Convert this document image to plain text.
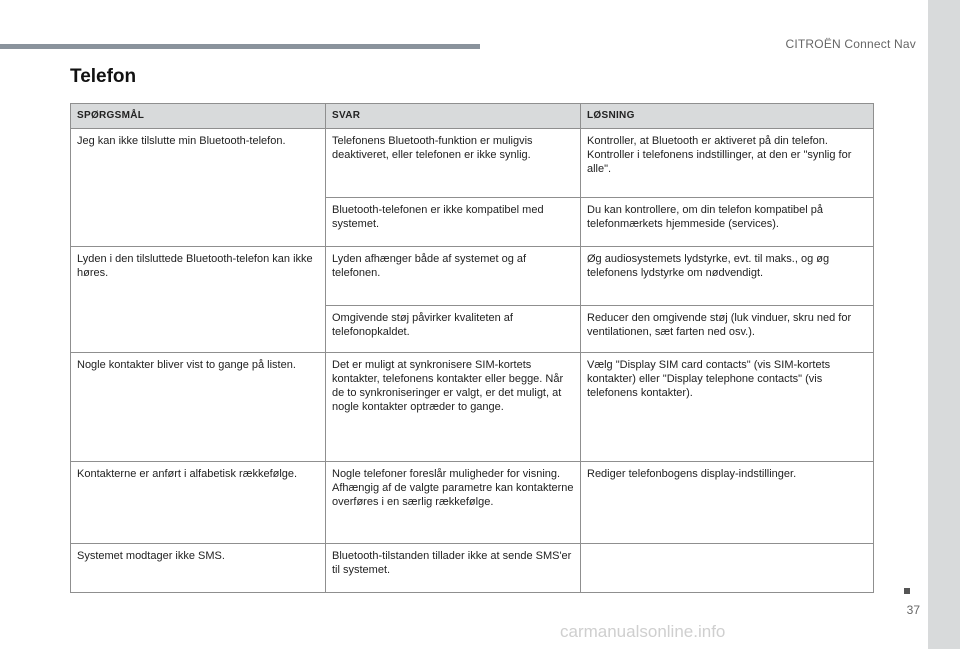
CITROËN Connect Nav
Telefon
SPØRGSMÅL	SVAR	LØSNING
Jeg kan ikke tilslutte min Bluetooth-telefon.	Telefonens Bluetooth-funktion er muligvis deaktiveret, eller telefonen er ikke synlig.	Kontroller, at Bluetooth er aktiveret på din telefon.
Kontroller i telefonens indstillinger, at den er "synlig for alle".
	Bluetooth-telefonen er ikke kompatibel med systemet.	Du kan kontrollere, om din telefon kompatibel på telefonmærkets hjemmeside (services).
Lyden i den tilsluttede Bluetooth-telefon kan ikke høres.	Lyden afhænger både af systemet og af telefonen.	Øg audiosystemets lydstyrke, evt. til maks., og øg telefonens lydstyrke om nødvendigt.
	Omgivende støj påvirker kvaliteten af telefonopkaldet.	Reducer den omgivende støj (luk vinduer, skru ned for ventilationen, sæt farten ned osv.).
Nogle kontakter bliver vist to gange på listen.	Det er muligt at synkronisere SIM-kortets kontakter, telefonens kontakter eller begge. Når de to synkroniseringer er valgt, er det muligt, at nogle kontakter optræder to gange.	Vælg "Display SIM card contacts" (vis SIM-kortets kontakter) eller "Display telephone contacts" (vis telefonens kontakter).
Kontakterne er anført i alfabetisk rækkefølge.	Nogle telefoner foreslår muligheder for visning. Afhængig af de valgte parametre kan kontakterne overføres i en særlig rækkefølge.	Rediger telefonbogens display-indstillinger.
Systemet modtager ikke SMS.	Bluetooth-tilstanden tillader ikke at sende SMS'er til systemet.	
37
carmanualsonline.info
